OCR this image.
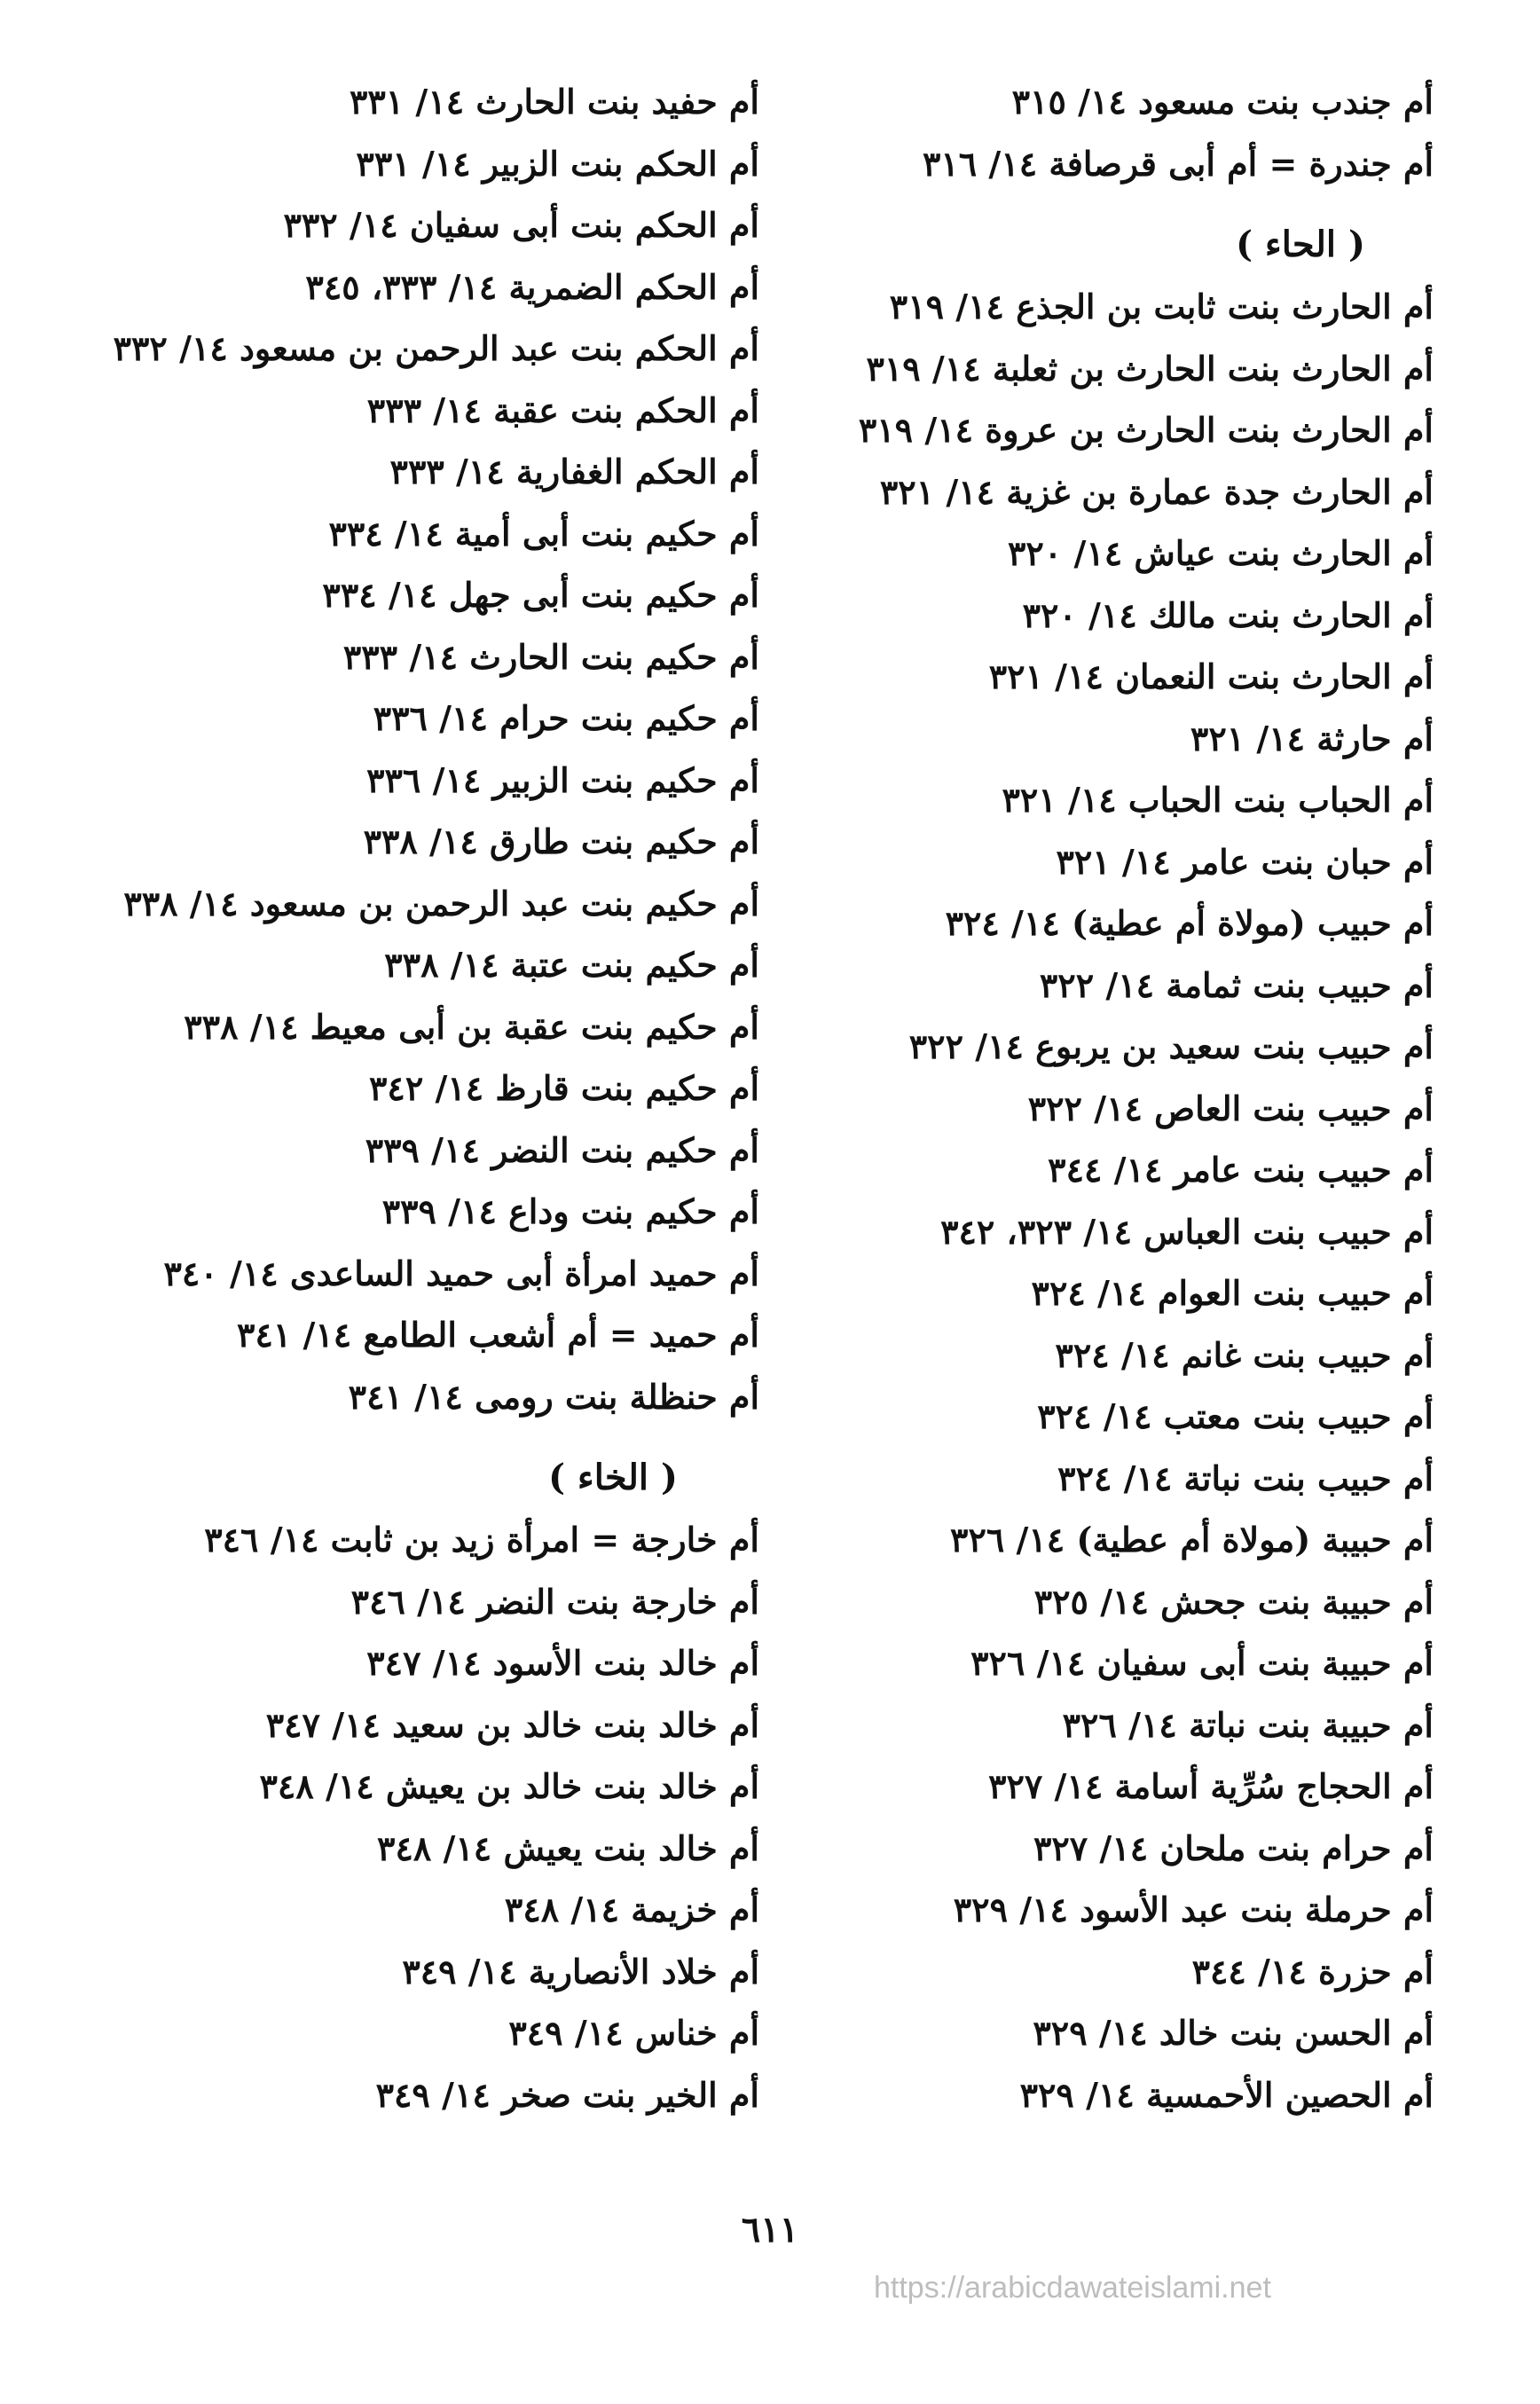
أم جندب بنت مسعود ١٤/ ٣١٥
أم جندرة = أم أبى قرصافة ١٤/ ٣١٦
( الحاء )
أم الحارث بنت ثابت بن الجذع ١٤/ ٣١٩
أم الحارث بنت الحارث بن ثعلبة ١٤/ ٣١٩
أم الحارث بنت الحارث بن عروة ١٤/ ٣١٩
أم الحارث جدة عمارة بن غزية ١٤/ ٣٢١
أم الحارث بنت عياش ١٤/ ٣٢٠
أم الحارث بنت مالك ١٤/ ٣٢٠
أم الحارث بنت النعمان ١٤/ ٣٢١
أم حارثة ١٤/ ٣٢١
أم الحباب بنت الحباب ١٤/ ٣٢١
أم حبان بنت عامر ١٤/ ٣٢١
أم حبيب (مولاة أم عطية) ١٤/ ٣٢٤
أم حبيب بنت ثمامة ١٤/ ٣٢٢
أم حبيب بنت سعيد بن يربوع ١٤/ ٣٢٢
أم حبيب بنت العاص ١٤/ ٣٢٢
أم حبيب بنت عامر ١٤/ ٣٤٤
أم حبيب بنت العباس ١٤/ ٣٢٣، ٣٤٢
أم حبيب بنت العوام ١٤/ ٣٢٤
أم حبيب بنت غانم ١٤/ ٣٢٤
أم حبيب بنت معتب ١٤/ ٣٢٤
أم حبيب بنت نباتة ١٤/ ٣٢٤
أم حبيبة (مولاة أم عطية) ١٤/ ٣٢٦
أم حبيبة بنت جحش ١٤/ ٣٢٥
أم حبيبة بنت أبى سفيان ١٤/ ٣٢٦
أم حبيبة بنت نباتة ١٤/ ٣٢٦
أم الحجاج سُرِّية أسامة ١٤/ ٣٢٧
أم حرام بنت ملحان ١٤/ ٣٢٧
أم حرملة بنت عبد الأسود ١٤/ ٣٢٩
أم حزرة ١٤/ ٣٤٤
أم الحسن بنت خالد ١٤/ ٣٢٩
أم الحصين الأحمسية ١٤/ ٣٢٩
أم حفيد بنت الحارث ١٤/ ٣٣١
أم الحكم بنت الزبير ١٤/ ٣٣١
أم الحكم بنت أبى سفيان ١٤/ ٣٣٢
أم الحكم الضمرية ١٤/ ٣٣٣، ٣٤٥
أم الحكم بنت عبد الرحمن بن مسعود ١٤/ ٣٣٢
أم الحكم بنت عقبة ١٤/ ٣٣٣
أم الحكم الغفارية ١٤/ ٣٣٣
أم حكيم بنت أبى أمية ١٤/ ٣٣٤
أم حكيم بنت أبى جهل ١٤/ ٣٣٤
أم حكيم بنت الحارث ١٤/ ٣٣٣
أم حكيم بنت حرام ١٤/ ٣٣٦
أم حكيم بنت الزبير ١٤/ ٣٣٦
أم حكيم بنت طارق ١٤/ ٣٣٨
أم حكيم بنت عبد الرحمن بن مسعود ١٤/ ٣٣٨
أم حكيم بنت عتبة ١٤/ ٣٣٨
أم حكيم بنت عقبة بن أبى معيط ١٤/ ٣٣٨
أم حكيم بنت قارظ ١٤/ ٣٤٢
أم حكيم بنت النضر ١٤/ ٣٣٩
أم حكيم بنت وداع ١٤/ ٣٣٩
أم حميد امرأة أبى حميد الساعدى ١٤/ ٣٤٠
أم حميد = أم أشعب الطامع ١٤/ ٣٤١
أم حنظلة بنت رومى ١٤/ ٣٤١
( الخاء )
أم خارجة = امرأة زيد بن ثابت ١٤/ ٣٤٦
أم خارجة بنت النضر ١٤/ ٣٤٦
أم خالد بنت الأسود ١٤/ ٣٤٧
أم خالد بنت خالد بن سعيد ١٤/ ٣٤٧
أم خالد بنت خالد بن يعيش ١٤/ ٣٤٨
أم خالد بنت يعيش ١٤/ ٣٤٨
أم خزيمة ١٤/ ٣٤٨
أم خلاد الأنصارية ١٤/ ٣٤٩
أم خناس ١٤/ ٣٤٩
أم الخير بنت صخر ١٤/ ٣٤٩
٦١١
https://arabicdawateislami.net
